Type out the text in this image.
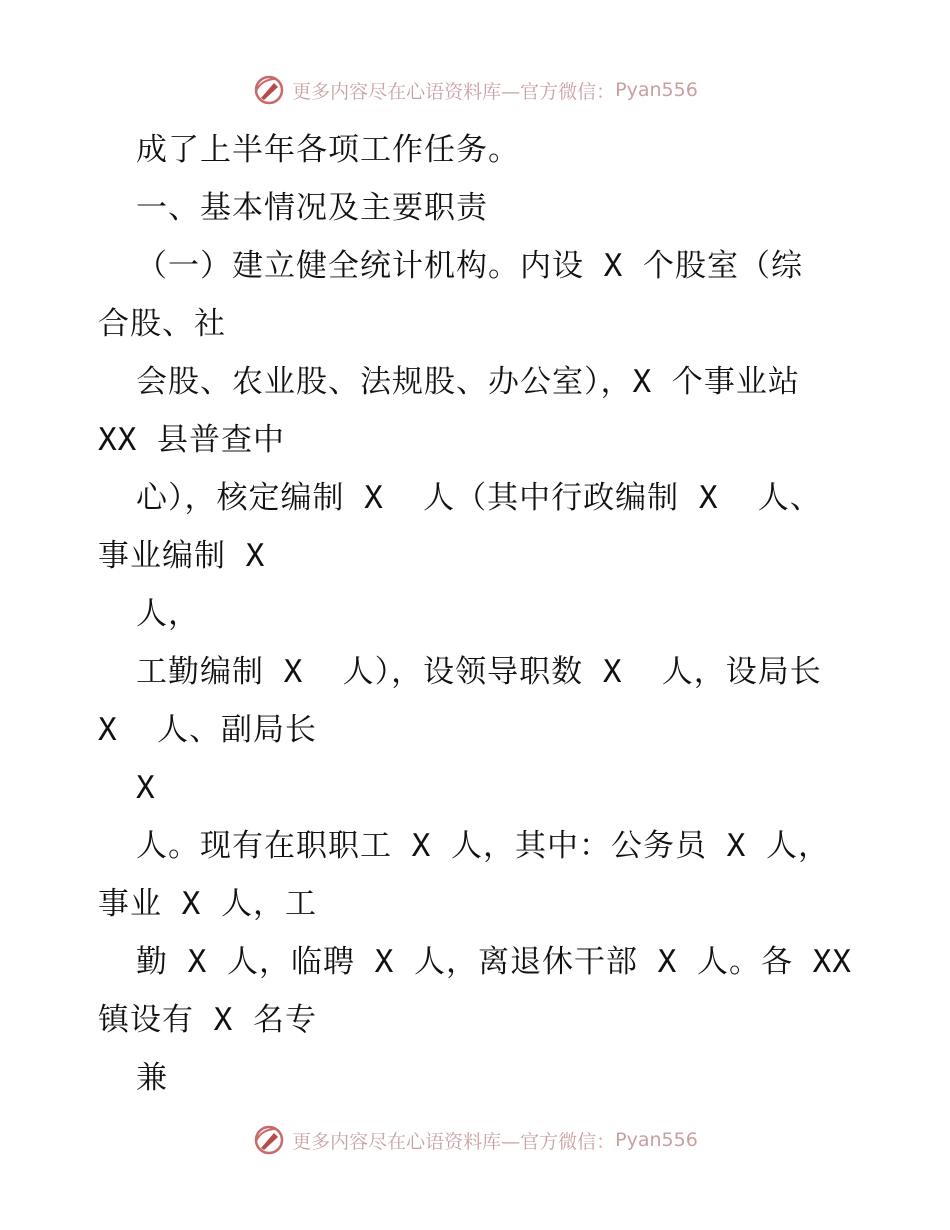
更多内容尽在心语资料库—官方微信： Pyan556
成了上半年各项工作任务。
一、基本情况及主要职责
（一）建立健全统计机构。内设 X 个股室（综
合股、社
会股、农业股、法规股、办公室），X 个事业站
XX 县普查中
心），核定编制 X  人（其中行政编制 X  人、
事业编制 X
人，
工勤编制 X  人），设领导职数 X  人，设局长
X  人、副局长
X
人。现有在职职工 X 人，其中：公务员 X 人，
事业 X 人，工
勤 X 人，临聘 X 人，离退休干部 X 人。各 XX
镇设有 X 名专
兼
更多内容尽在心语资料库—官方微信： Pyan556
